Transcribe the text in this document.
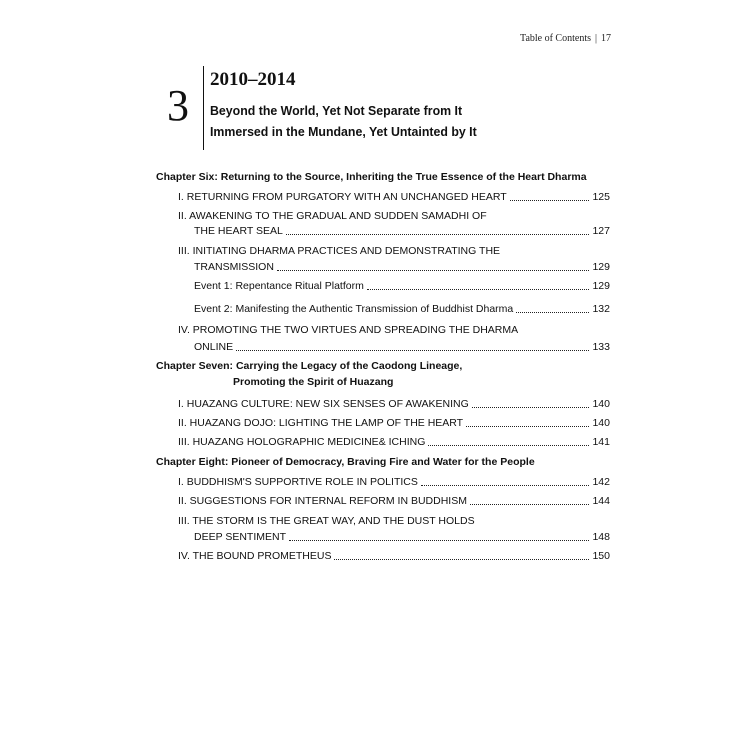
Table of Contents | 17
3
2010–2014
Beyond the World, Yet Not Separate from It
Immersed in the Mundane, Yet Untainted by It
Chapter Six: Returning to the Source, Inheriting the True Essence of the Heart Dharma
I. RETURNING FROM PURGATORY WITH AN UNCHANGED HEART	125
II. AWAKENING TO THE GRADUAL AND SUDDEN SAMADHI OF
THE HEART SEAL	127
III. INITIATING DHARMA PRACTICES AND DEMONSTRATING THE
TRANSMISSION	129
Event 1: Repentance Ritual Platform	129
Event 2: Manifesting the Authentic Transmission of Buddhist Dharma	132
IV. PROMOTING THE TWO VIRTUES AND SPREADING THE DHARMA
ONLINE	133
Chapter Seven: Carrying the Legacy of the Caodong Lineage,
Promoting the Spirit of Huazang
I. HUAZANG CULTURE: NEW SIX SENSES OF AWAKENING	140
II. HUAZANG DOJO: LIGHTING THE LAMP OF THE HEART	140
III. HUAZANG HOLOGRAPHIC MEDICINE& ICHING	141
Chapter Eight: Pioneer of Democracy, Braving Fire and Water for the People
I. BUDDHISM'S SUPPORTIVE ROLE IN POLITICS	142
II. SUGGESTIONS FOR INTERNAL REFORM IN BUDDHISM	144
III. THE STORM IS THE GREAT WAY, AND THE DUST HOLDS
DEEP SENTIMENT	148
IV. THE BOUND PROMETHEUS	150
